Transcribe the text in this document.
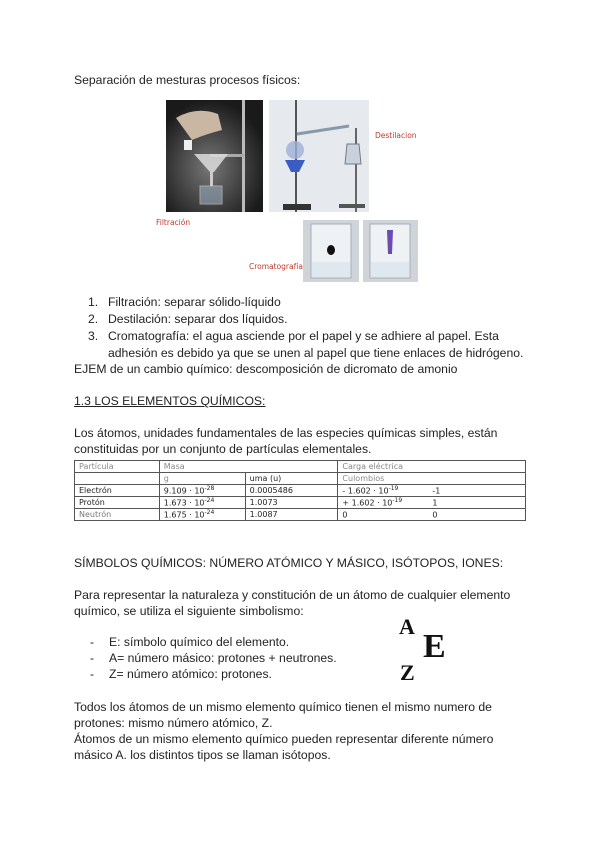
Separación de mesturas procesos físicos:
Destilacion
Filtración
Cromatografía
1. Filtración: separar sólido-líquido
2. Destilación: separar dos líquidos.
3. Cromatografía: el agua asciende por el papel y se adhiere al papel. Esta
adhesión es debido ya que se unen al papel que tiene enlaces de hidrógeno.
EJEM de un cambio químico: descomposición de dicromato de amonio
1.3 LOS ELEMENTOS QUÍMICOS:
Los átomos, unidades fundamentales de las especies químicas simples, están
constituidas por un conjunto de partículas elementales.
Partícula	Masa		Carga eléctrica
	g	uma (u)	Culombios
Electrón	$9.109 \cdot 10^{-28}$	0.0005486	- $1.602 \cdot 10^{-19}$ -1
Protón	$1.673 \cdot 10^{-24}$	1.0073	+ $1.602 \cdot 10^{-19}$ 1
Neutrón	$1.675 \cdot 10^{-24}$	1.0087	0 0
SÍMBOLOS QUÍMICOS: NÚMERO ATÓMICO Y MÁSICO, ISÓTOPOS, IONES:
Para representar la naturaleza y constitución de un átomo de cualquier elemento
químico, se utiliza el siguiente simbolismo:
- E: símbolo químico del elemento.
- A= número másico: protones + neutrones.
- Z= número atómico: protones.
A
E
Z
Todos los átomos de un mismo elemento químico tienen el mismo numero de
protones: mismo número atómico, Z.
Átomos de un mismo elemento químico pueden representar diferente número
másico A. los distintos tipos se llaman isótopos.
